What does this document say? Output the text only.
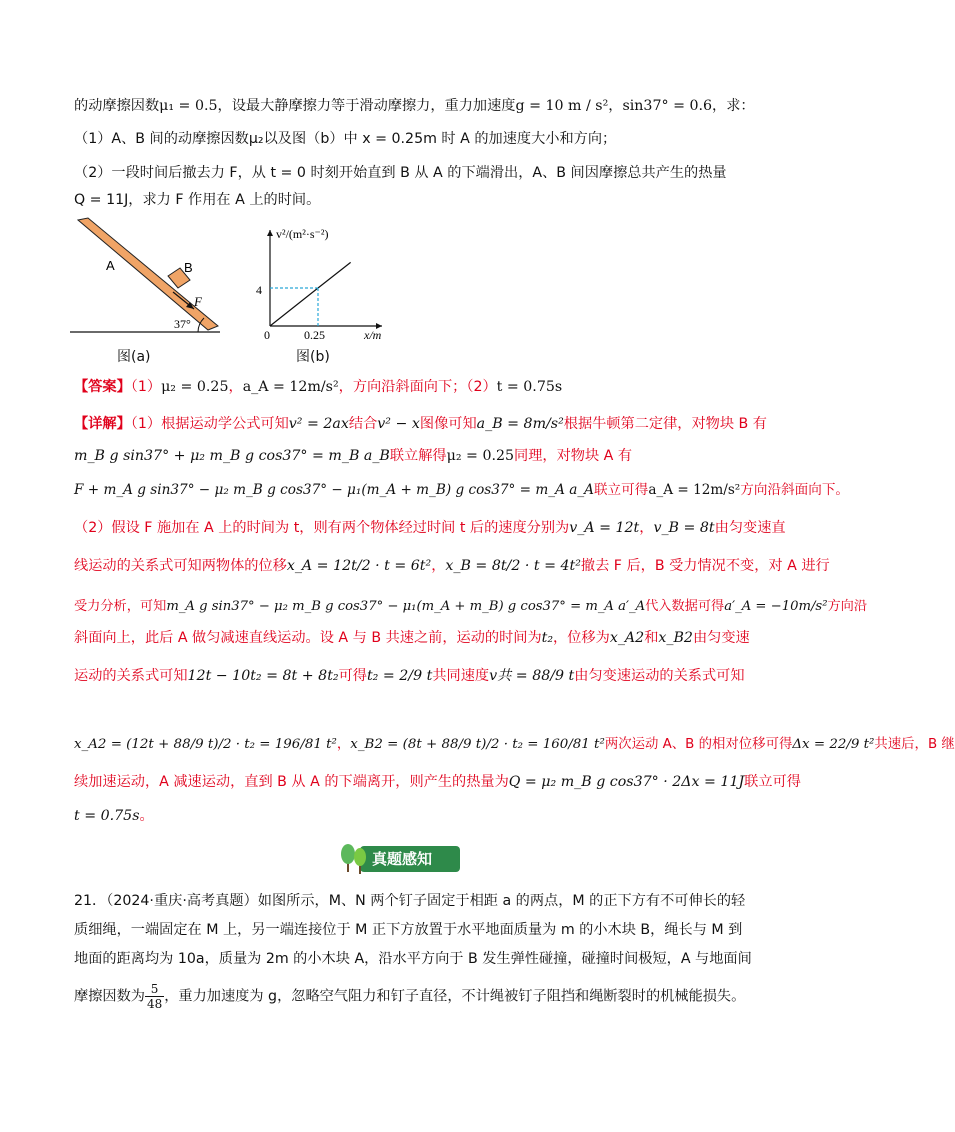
的动摩擦因数μ₁ = 0.5，设最大静摩擦力等于滑动摩擦力，重力加速度g = 10 m / s²，sin37° = 0.6，求：
（1）A、B 间的动摩擦因数μ₂以及图（b）中 x = 0.25m 时 A 的加速度大小和方向；
（2）一段时间后撤去力 F，从 t = 0 时刻开始直到 B 从 A 的下端滑出，A、B 间因摩擦总共产生的热量
Q = 11J，求力 F 作用在 A 上的时间。
A	B
F
37°
图(a)
v²/(m²·s⁻²)
x/m
4
0.25
0
图(b)
【答案】（1）μ₂ = 0.25，a_A = 12m/s²，方向沿斜面向下；（2）t = 0.75s
【详解】（1）根据运动学公式可知v² = 2ax结合v² − x图像可知a_B = 8m/s²根据牛顿第二定律，对物块 B 有
m_B g sin37° + μ₂ m_B g cos37° = m_B a_B联立解得μ₂ = 0.25同理，对物块 A 有
F + m_A g sin37° − μ₂ m_B g cos37° − μ₁(m_A + m_B) g cos37° = m_A a_A联立可得a_A = 12m/s²方向沿斜面向下。
（2）假设 F 施加在 A 上的时间为 t，则有两个物体经过时间 t 后的速度分别为v_A = 12t，v_B = 8t由匀变速直
线运动的关系式可知两物体的位移x_A = 12t/2 · t = 6t²，x_B = 8t/2 · t = 4t²撤去 F 后，B 受力情况不变，对 A 进行
受力分析，可知m_A g sin37° − μ₂ m_B g cos37° − μ₁(m_A + m_B) g cos37° = m_A a′_A代入数据可得a′_A = −10m/s²方向沿
斜面向上，此后 A 做匀减速直线运动。设 A 与 B 共速之前，运动的时间为t₂，位移为x_A2和x_B2由匀变速
运动的关系式可知12t − 10t₂ = 8t + 8t₂可得t₂ = 2/9 t共同速度v共 = 88/9 t由匀变速运动的关系式可知
x_A2 = (12t + 88/9 t)/2 · t₂ = 196/81 t²，x_B2 = (8t + 88/9 t)/2 · t₂ = 160/81 t²两次运动 A、B 的相对位移可得Δx = 22/9 t²共速后，B 继
续加速运动，A 减速运动，直到 B 从 A 的下端离开，则产生的热量为Q = μ₂ m_B g cos37° · 2Δx = 11J联立可得
t = 0.75s。
真题感知
21．（2024·重庆·高考真题）如图所示，M、N 两个钉子固定于相距 a 的两点，M 的正下方有不可伸长的轻
质细绳，一端固定在 M 上，另一端连接位于 M 正下方放置于水平地面质量为 m 的小木块 B，绳长与 M 到
地面的距离均为 10a，质量为 2m 的小木块 A，沿水平方向于 B 发生弹性碰撞，碰撞时间极短，A 与地面间
摩擦因数为 $\frac{5}{48}$ ，重力加速度为 g，忽略空气阻力和钉子直径，不计绳被钉子阻挡和绳断裂时的机械能损失。
